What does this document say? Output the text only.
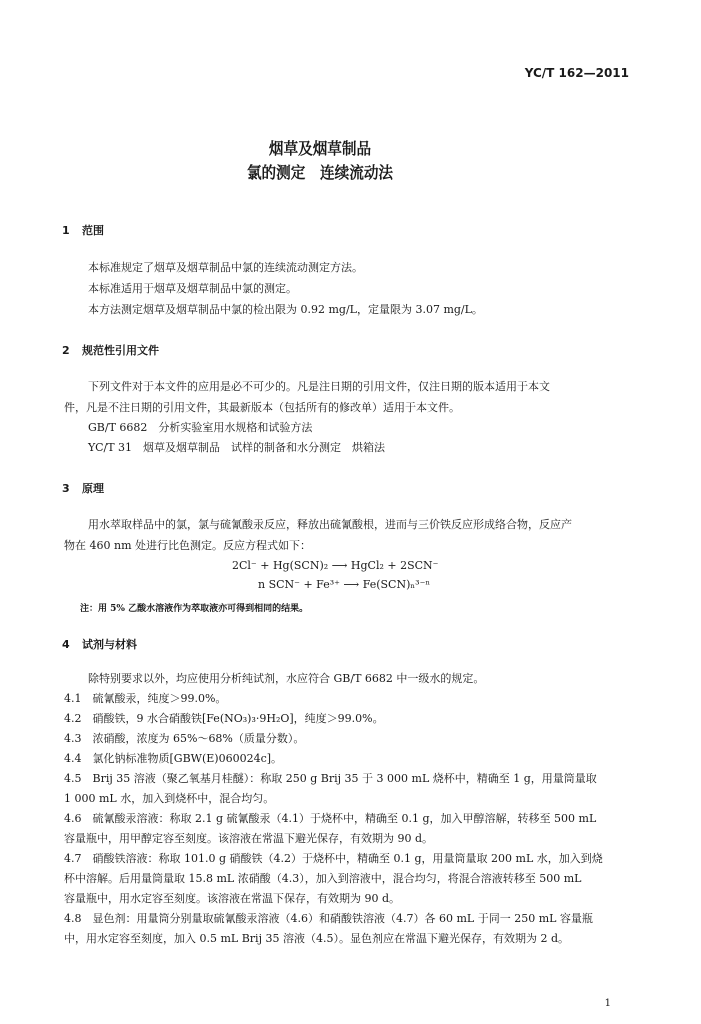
YC/T 162—2011
烟草及烟草制品
氯的测定　连续流动法
1 范围
本标准规定了烟草及烟草制品中氯的连续流动测定方法。
本标准适用于烟草及烟草制品中氯的测定。
本方法测定烟草及烟草制品中氯的检出限为 0.92 mg/L，定量限为 3.07 mg/L。
2 规范性引用文件
下列文件对于本文件的应用是必不可少的。凡是注日期的引用文件，仅注日期的版本适用于本文
件，凡是不注日期的引用文件，其最新版本（包括所有的修改单）适用于本文件。
GB/T 6682　分析实验室用水规格和试验方法
YC/T 31　烟草及烟草制品　试样的制备和水分测定　烘箱法
3 原理
用水萃取样品中的氯，氯与硫氰酸汞反应，释放出硫氰酸根，进而与三价铁反应形成络合物，反应产
物在 460 nm 处进行比色测定。反应方程式如下：
2Cl⁻ + Hg(SCN)₂ ⟶ HgCl₂ + 2SCN⁻
n SCN⁻ + Fe³⁺ ⟶ Fe(SCN)ₙ³⁻ⁿ
注：用 5% 乙酸水溶液作为萃取液亦可得到相同的结果。
4 试剂与材料
除特别要求以外，均应使用分析纯试剂，水应符合 GB/T 6682 中一级水的规定。
4.1　硫氰酸汞，纯度＞99.0%。
4.2　硝酸铁，9 水合硝酸铁[Fe(NO₃)₃·9H₂O]，纯度＞99.0%。
4.3　浓硝酸，浓度为 65%～68%（质量分数）。
4.4　氯化钠标准物质[GBW(E)060024c]。
4.5　Brij 35 溶液（聚乙氧基月桂醚）：称取 250 g Brij 35 于 3 000 mL 烧杯中，精确至 1 g，用量筒量取
1 000 mL 水，加入到烧杯中，混合均匀。
4.6　硫氰酸汞溶液：称取 2.1 g 硫氰酸汞（4.1）于烧杯中，精确至 0.1 g，加入甲醇溶解，转移至 500 mL
容量瓶中，用甲醇定容至刻度。该溶液在常温下避光保存，有效期为 90 d。
4.7　硝酸铁溶液：称取 101.0 g 硝酸铁（4.2）于烧杯中，精确至 0.1 g，用量筒量取 200 mL 水，加入到烧
杯中溶解。后用量筒量取 15.8 mL 浓硝酸（4.3），加入到溶液中，混合均匀，将混合溶液转移至 500 mL
容量瓶中，用水定容至刻度。该溶液在常温下保存，有效期为 90 d。
4.8　显色剂：用量筒分别量取硫氰酸汞溶液（4.6）和硝酸铁溶液（4.7）各 60 mL 于同一 250 mL 容量瓶
中，用水定容至刻度，加入 0.5 mL Brij 35 溶液（4.5）。显色剂应在常温下避光保存，有效期为 2 d。
1
